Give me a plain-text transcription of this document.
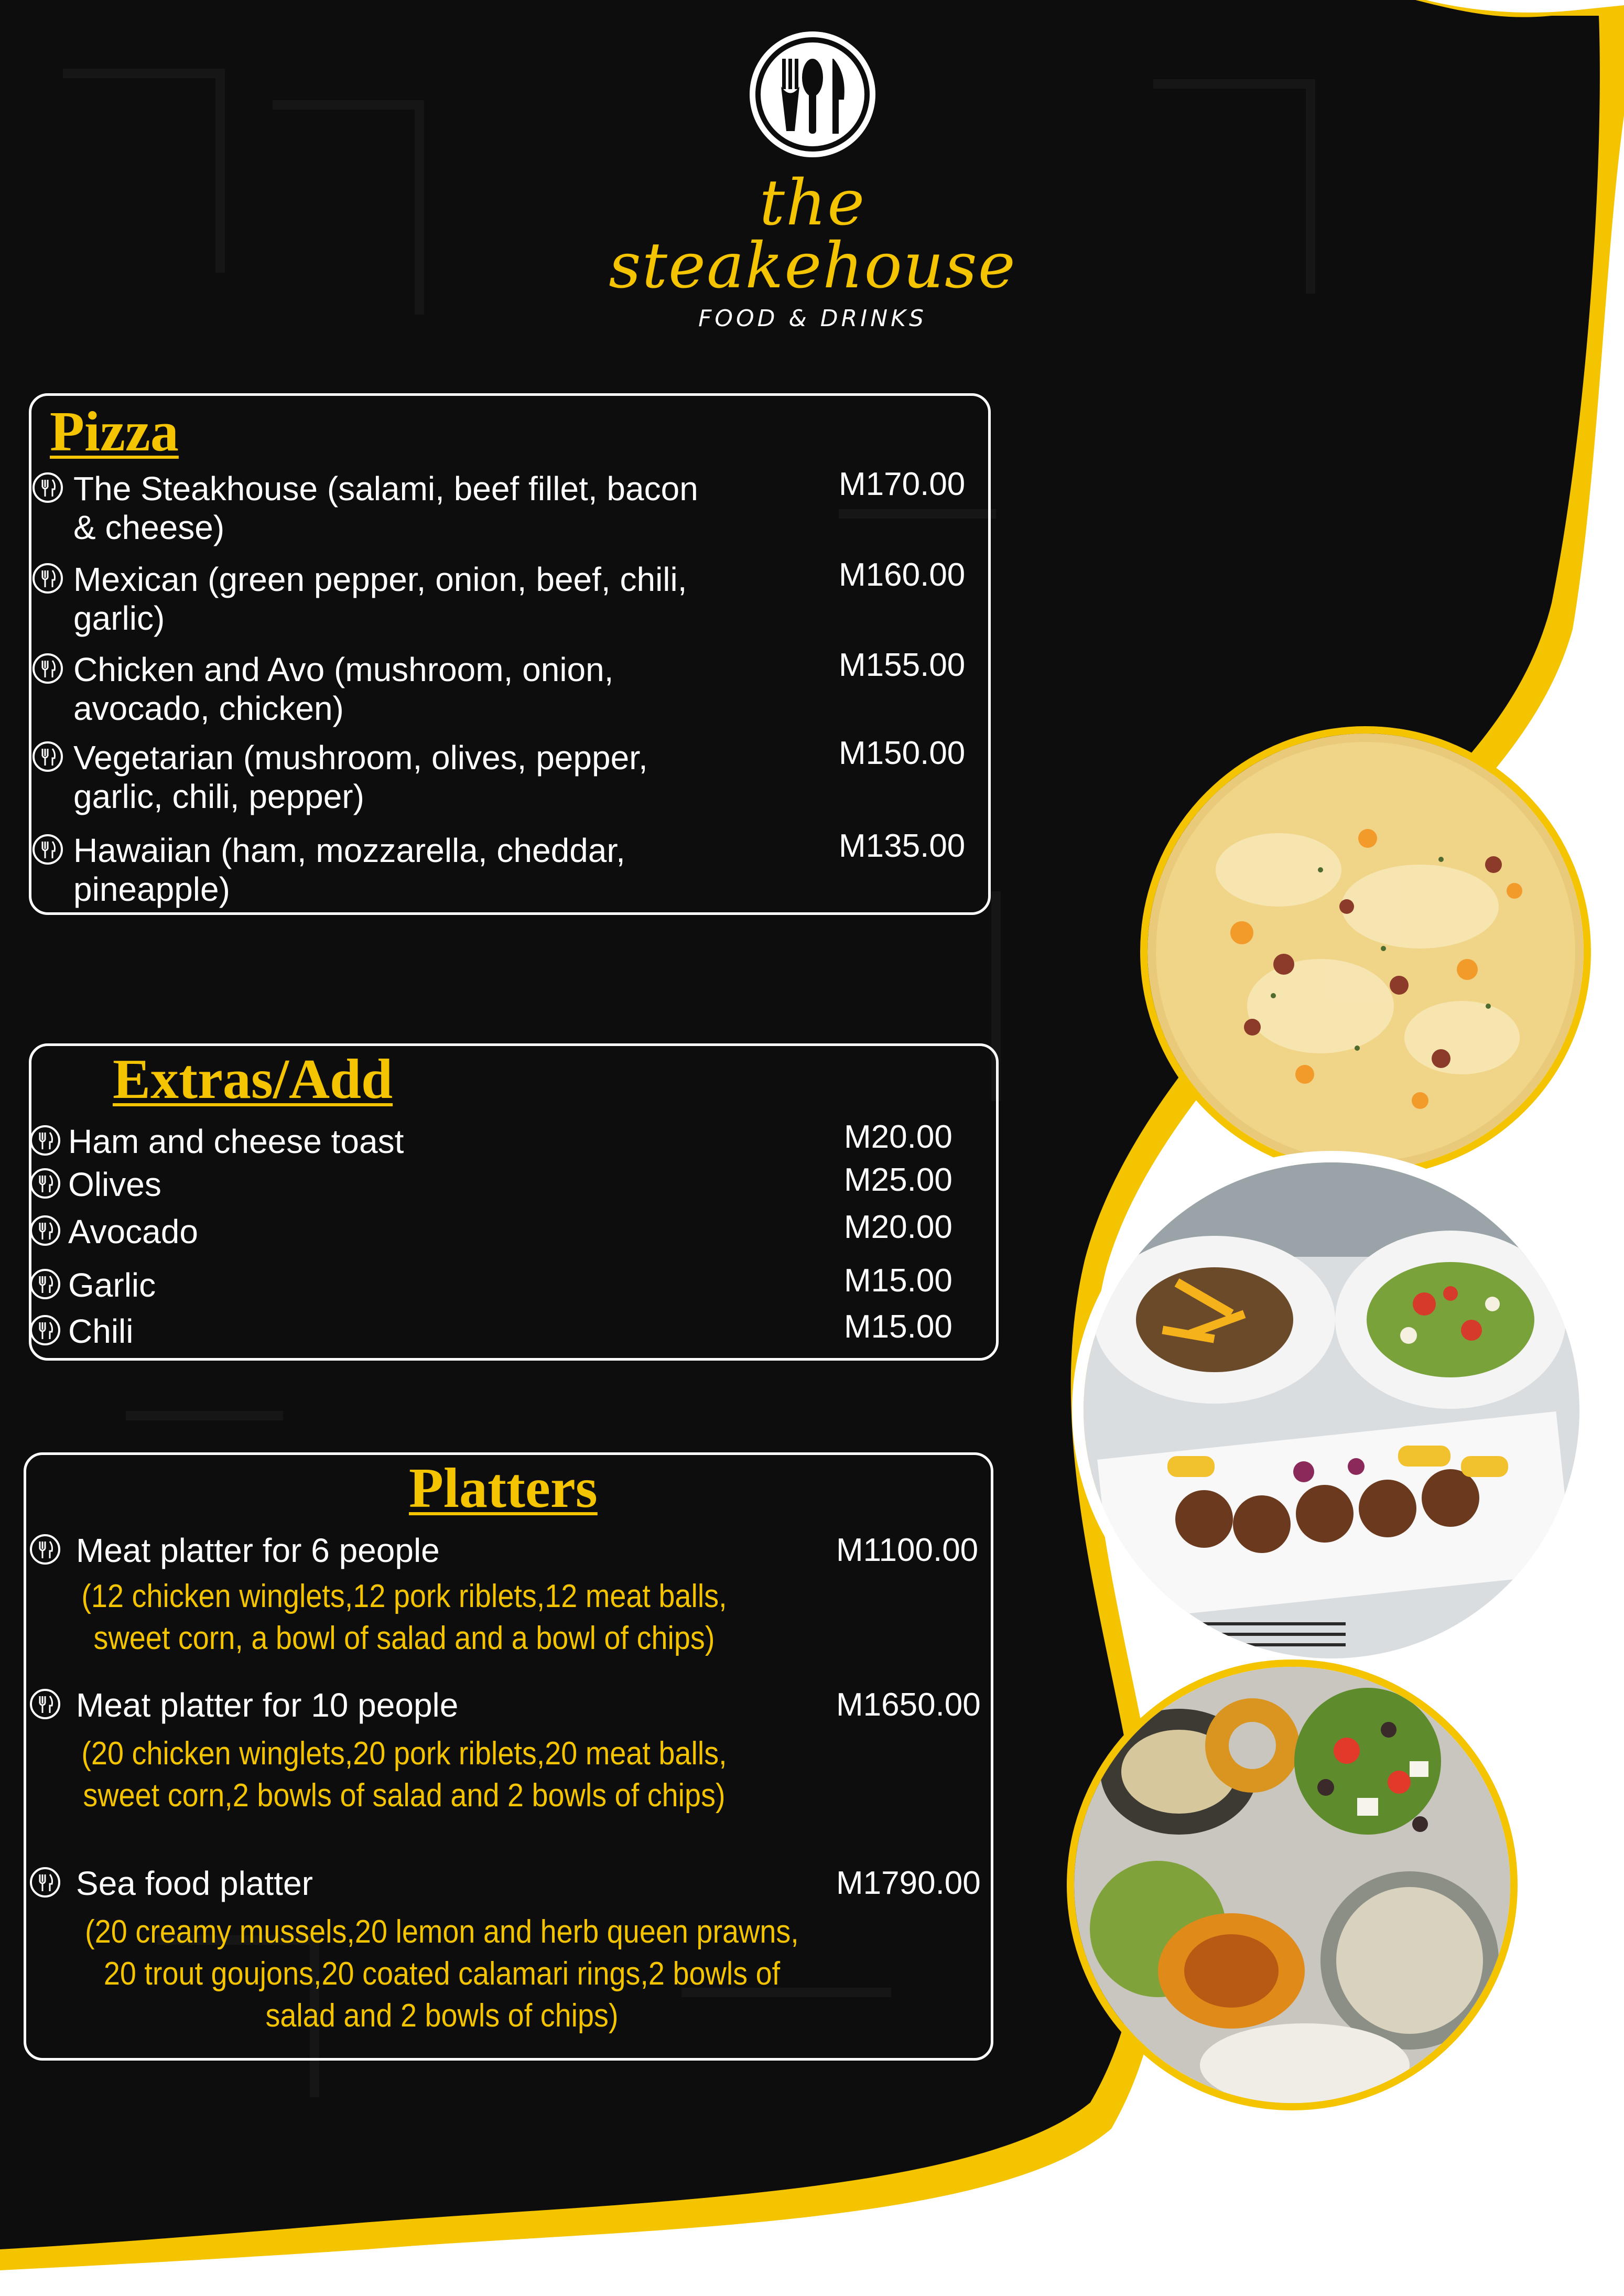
the steakehouse
FOOD & DRINKS
Pizza
The Steakhouse (salami, beef fillet, bacon
& cheese)
M170.00
Mexican (green pepper, onion, beef, chili,
garlic)
M160.00
Chicken and Avo (mushroom, onion,
avocado, chicken)
M155.00
Vegetarian (mushroom, olives, pepper,
garlic, chili, pepper)
M150.00
Hawaiian (ham, mozzarella, cheddar,
pineapple)
M135.00
Extras/Add
Ham and cheese toast	M20.00
Olives	M25.00
Avocado	M20.00
Garlic	M15.00
Chili	M15.00
Platters
Meat platter for 6 people	M1100.00
(12 chicken winglets,12 pork riblets,12 meat balls,
sweet corn, a bowl of salad and a bowl of chips)
Meat platter for 10 people	M1650.00
(20 chicken winglets,20 pork riblets,20 meat balls,
sweet corn,2 bowls of salad and 2 bowls of chips)
Sea food platter	M1790.00
(20 creamy mussels,20 lemon and herb queen prawns,
20 trout goujons,20 coated calamari rings,2 bowls of
salad and 2 bowls of chips)
